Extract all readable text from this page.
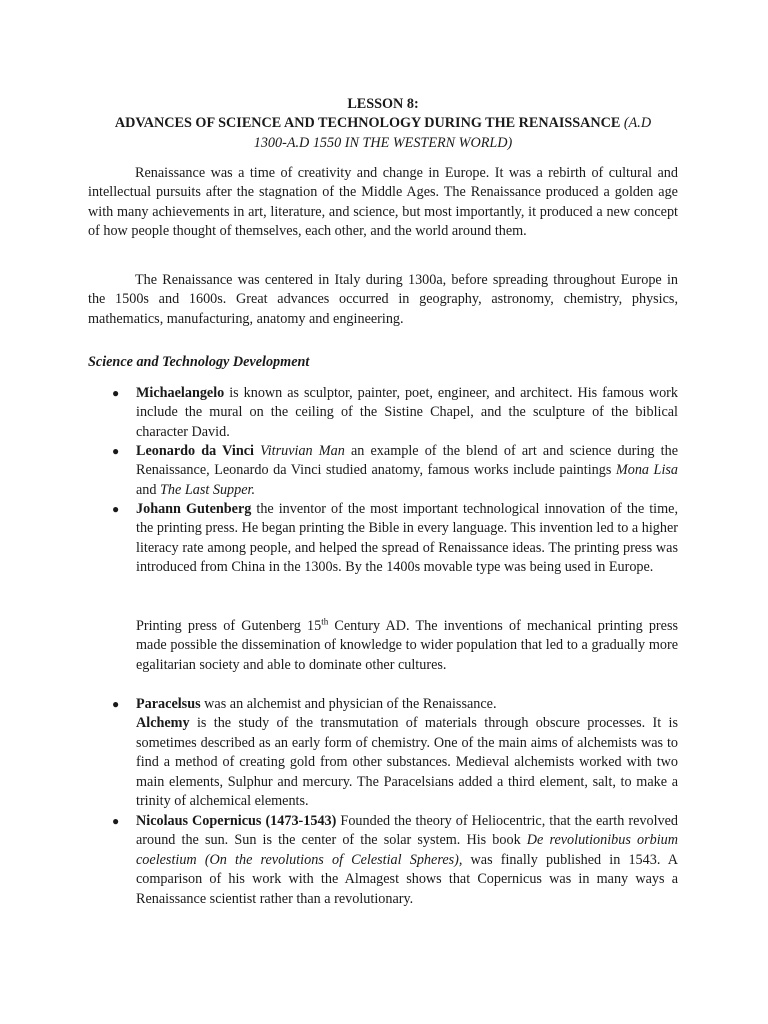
LESSON 8:
ADVANCES OF SCIENCE AND TECHNOLOGY DURING THE RENAISSANCE (A.D
1300-A.D 1550 IN THE WESTERN WORLD)

Renaissance was a time of creativity and change in Europe. It was a rebirth of cultural and intellectual pursuits after the stagnation of the Middle Ages. The Renaissance produced a golden age with many achievements in art, literature, and science, but most importantly, it produced a new concept of how people thought of themselves, each other, and the world around them.

The Renaissance was centered in Italy during 1300a, before spreading throughout Europe in the 1500s and 1600s. Great advances occurred in geography, astronomy, chemistry, physics, mathematics, manufacturing, anatomy and engineering.

Science and Technology Development

● Michaelangelo is known as sculptor, painter, poet, engineer, and architect. His famous work include the mural on the ceiling of the Sistine Chapel, and the sculpture of the biblical character David.
● Leonardo da Vinci Vitruvian Man an example of the blend of art and science during the Renaissance, Leonardo da Vinci studied anatomy, famous works include paintings Mona Lisa and The Last Supper.
● Johann Gutenberg the inventor of the most important technological innovation of the time, the printing press. He began printing the Bible in every language. This invention led to a higher literacy rate among people, and helped the spread of Renaissance ideas. The printing press was introduced from China in the 1300s. By the 1400s movable type was being used in Europe.
Printing press of Gutenberg 15th Century AD. The inventions of mechanical printing press made possible the dissemination of knowledge to wider population that led to a gradually more egalitarian society and able to dominate other cultures.
● Paracelsus was an alchemist and physician of the Renaissance.
Alchemy is the study of the transmutation of materials through obscure processes. It is sometimes described as an early form of chemistry. One of the main aims of alchemists was to find a method of creating gold from other substances. Medieval alchemists worked with two main elements, Sulphur and mercury. The Paracelsians added a third element, salt, to make a trinity of alchemical elements.
● Nicolaus Copernicus (1473-1543) Founded the theory of Heliocentric, that the earth revolved around the sun. Sun is the center of the solar system. His book De revolutionibus orbium coelestium (On the revolutions of Celestial Spheres), was finally published in 1543. A comparison of his work with the Almagest shows that Copernicus was in many ways a Renaissance scientist rather than a revolutionary.
